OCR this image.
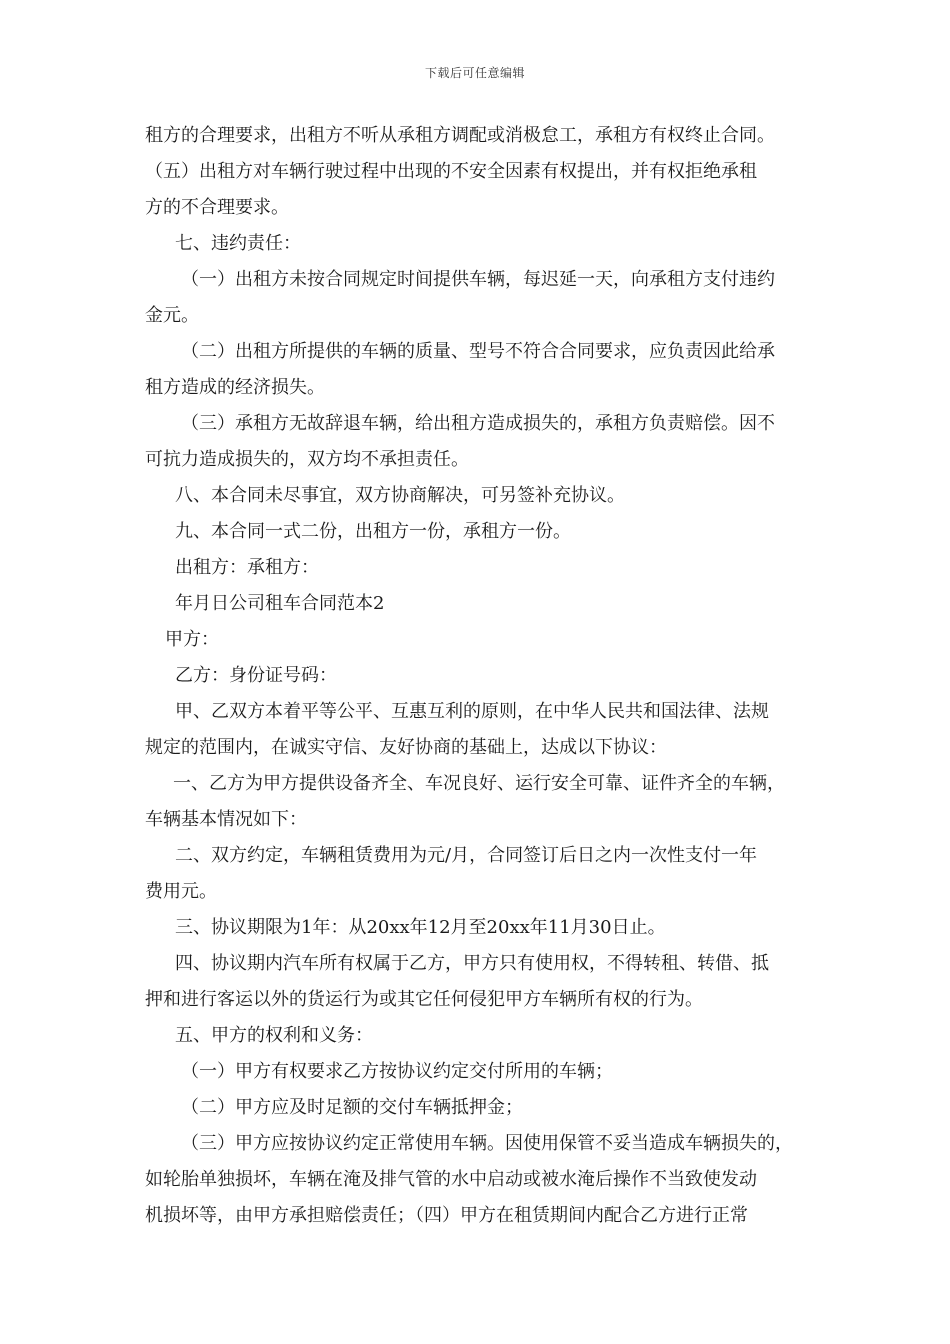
下载后可任意编辑
租方的合理要求，出租方不听从承租方调配或消极怠工，承租方有权终止合同。
（五）出租方对车辆行驶过程中出现的不安全因素有权提出，并有权拒绝承租
方的不合理要求。
七、违约责任：
（一）出租方未按合同规定时间提供车辆，每迟延一天，向承租方支付违约
金元。
（二）出租方所提供的车辆的质量、型号不符合合同要求，应负责因此给承
租方造成的经济损失。
（三）承租方无故辞退车辆，给出租方造成损失的，承租方负责赔偿。因不
可抗力造成损失的，双方均不承担责任。
八、本合同未尽事宜，双方协商解决，可另签补充协议。
九、本合同一式二份，出租方一份，承租方一份。
出租方：承租方：
年月日公司租车合同范本2
甲方：
乙方：身份证号码：
甲、乙双方本着平等公平、互惠互利的原则，在中华人民共和国法律、法规
规定的范围内，在诚实守信、友好协商的基础上，达成以下协议：
一、乙方为甲方提供设备齐全、车况良好、运行安全可靠、证件齐全的车辆，
车辆基本情况如下：
二、双方约定，车辆租赁费用为元/月，合同签订后日之内一次性支付一年
费用元。
三、协议期限为1年：从20xx年12月至20xx年11月30日止。
四、协议期内汽车所有权属于乙方，甲方只有使用权，不得转租、转借、抵
押和进行客运以外的货运行为或其它任何侵犯甲方车辆所有权的行为。
五、甲方的权利和义务：
（一）甲方有权要求乙方按协议约定交付所用的车辆；
（二）甲方应及时足额的交付车辆抵押金；
（三）甲方应按协议约定正常使用车辆。因使用保管不妥当造成车辆损失的，
如轮胎单独损坏，车辆在淹及排气管的水中启动或被水淹后操作不当致使发动
机损坏等，由甲方承担赔偿责任；（四）甲方在租赁期间内配合乙方进行正常
